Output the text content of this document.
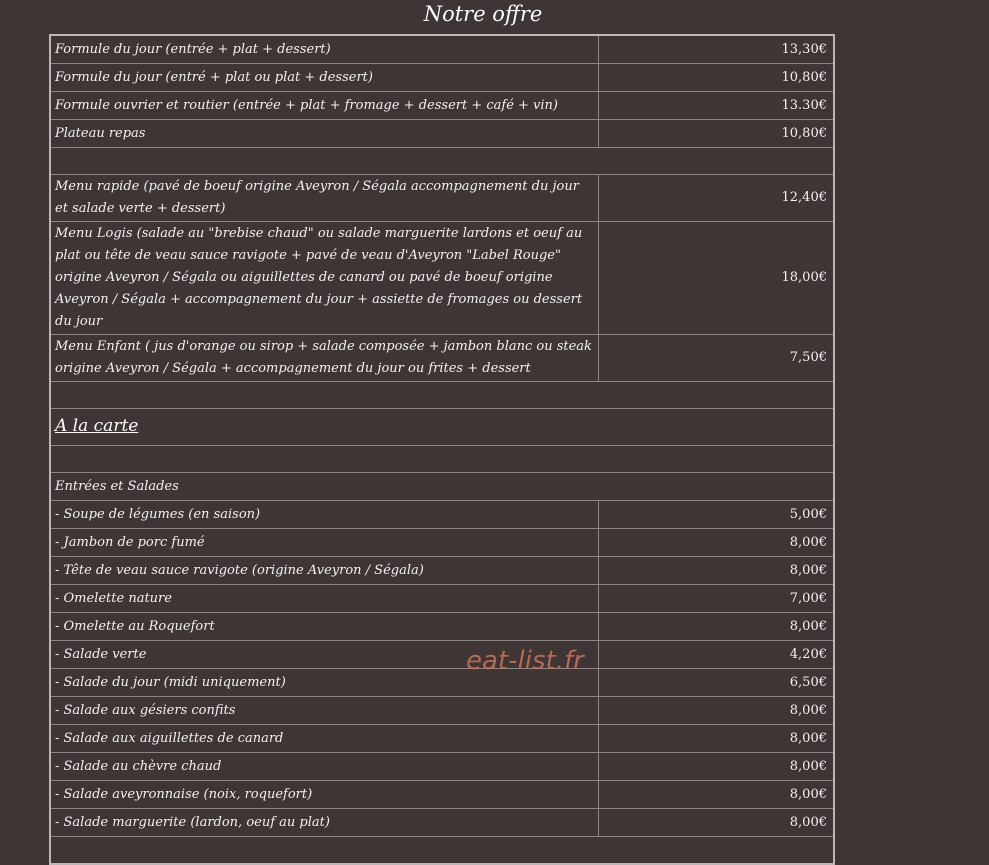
Notre offre
Formule du jour (entrée + plat + dessert)	13,30€
Formule du jour (entré + plat ou plat + dessert)	10,80€
Formule ouvrier et routier (entrée + plat + fromage + dessert + café + vin)	13.30€
Plateau repas	10,80€

Menu rapide (pavé de boeuf origine Aveyron / Ségala accompagnement du jour et salade verte + dessert)	12,40€
Menu Logis (salade au "brebise chaud" ou salade marguerite lardons et oeuf au plat ou tête de veau sauce ravigote + pavé de veau d'Aveyron "Label Rouge" origine Aveyron / Ségala ou aiguillettes de canard ou pavé de boeuf origine Aveyron / Ségala + accompagnement du jour + assiette de fromages ou dessert du jour	18,00€
Menu Enfant ( jus d'orange ou sirop + salade composée + jambon blanc ou steak origine Aveyron / Ségala + accompagnement du jour ou frites + dessert	7,50€

A la carte	

Entrées et Salades	
- Soupe de légumes (en saison)	5,00€
- Jambon de porc fumé	8,00€
- Tête de veau sauce ravigote (origine Aveyron / Ségala)	8,00€
- Omelette nature	7,00€
- Omelette au Roquefort	8,00€
- Salade verte	4,20€
- Salade du jour (midi uniquement)	6,50€
- Salade aux gésiers confits	8,00€
- Salade aux aiguillettes de canard	8,00€
- Salade au chèvre chaud	8,00€
- Salade aveyronnaise (noix, roquefort)	8,00€
- Salade marguerite (lardon, oeuf au plat)	8,00€

eat-list.fr
